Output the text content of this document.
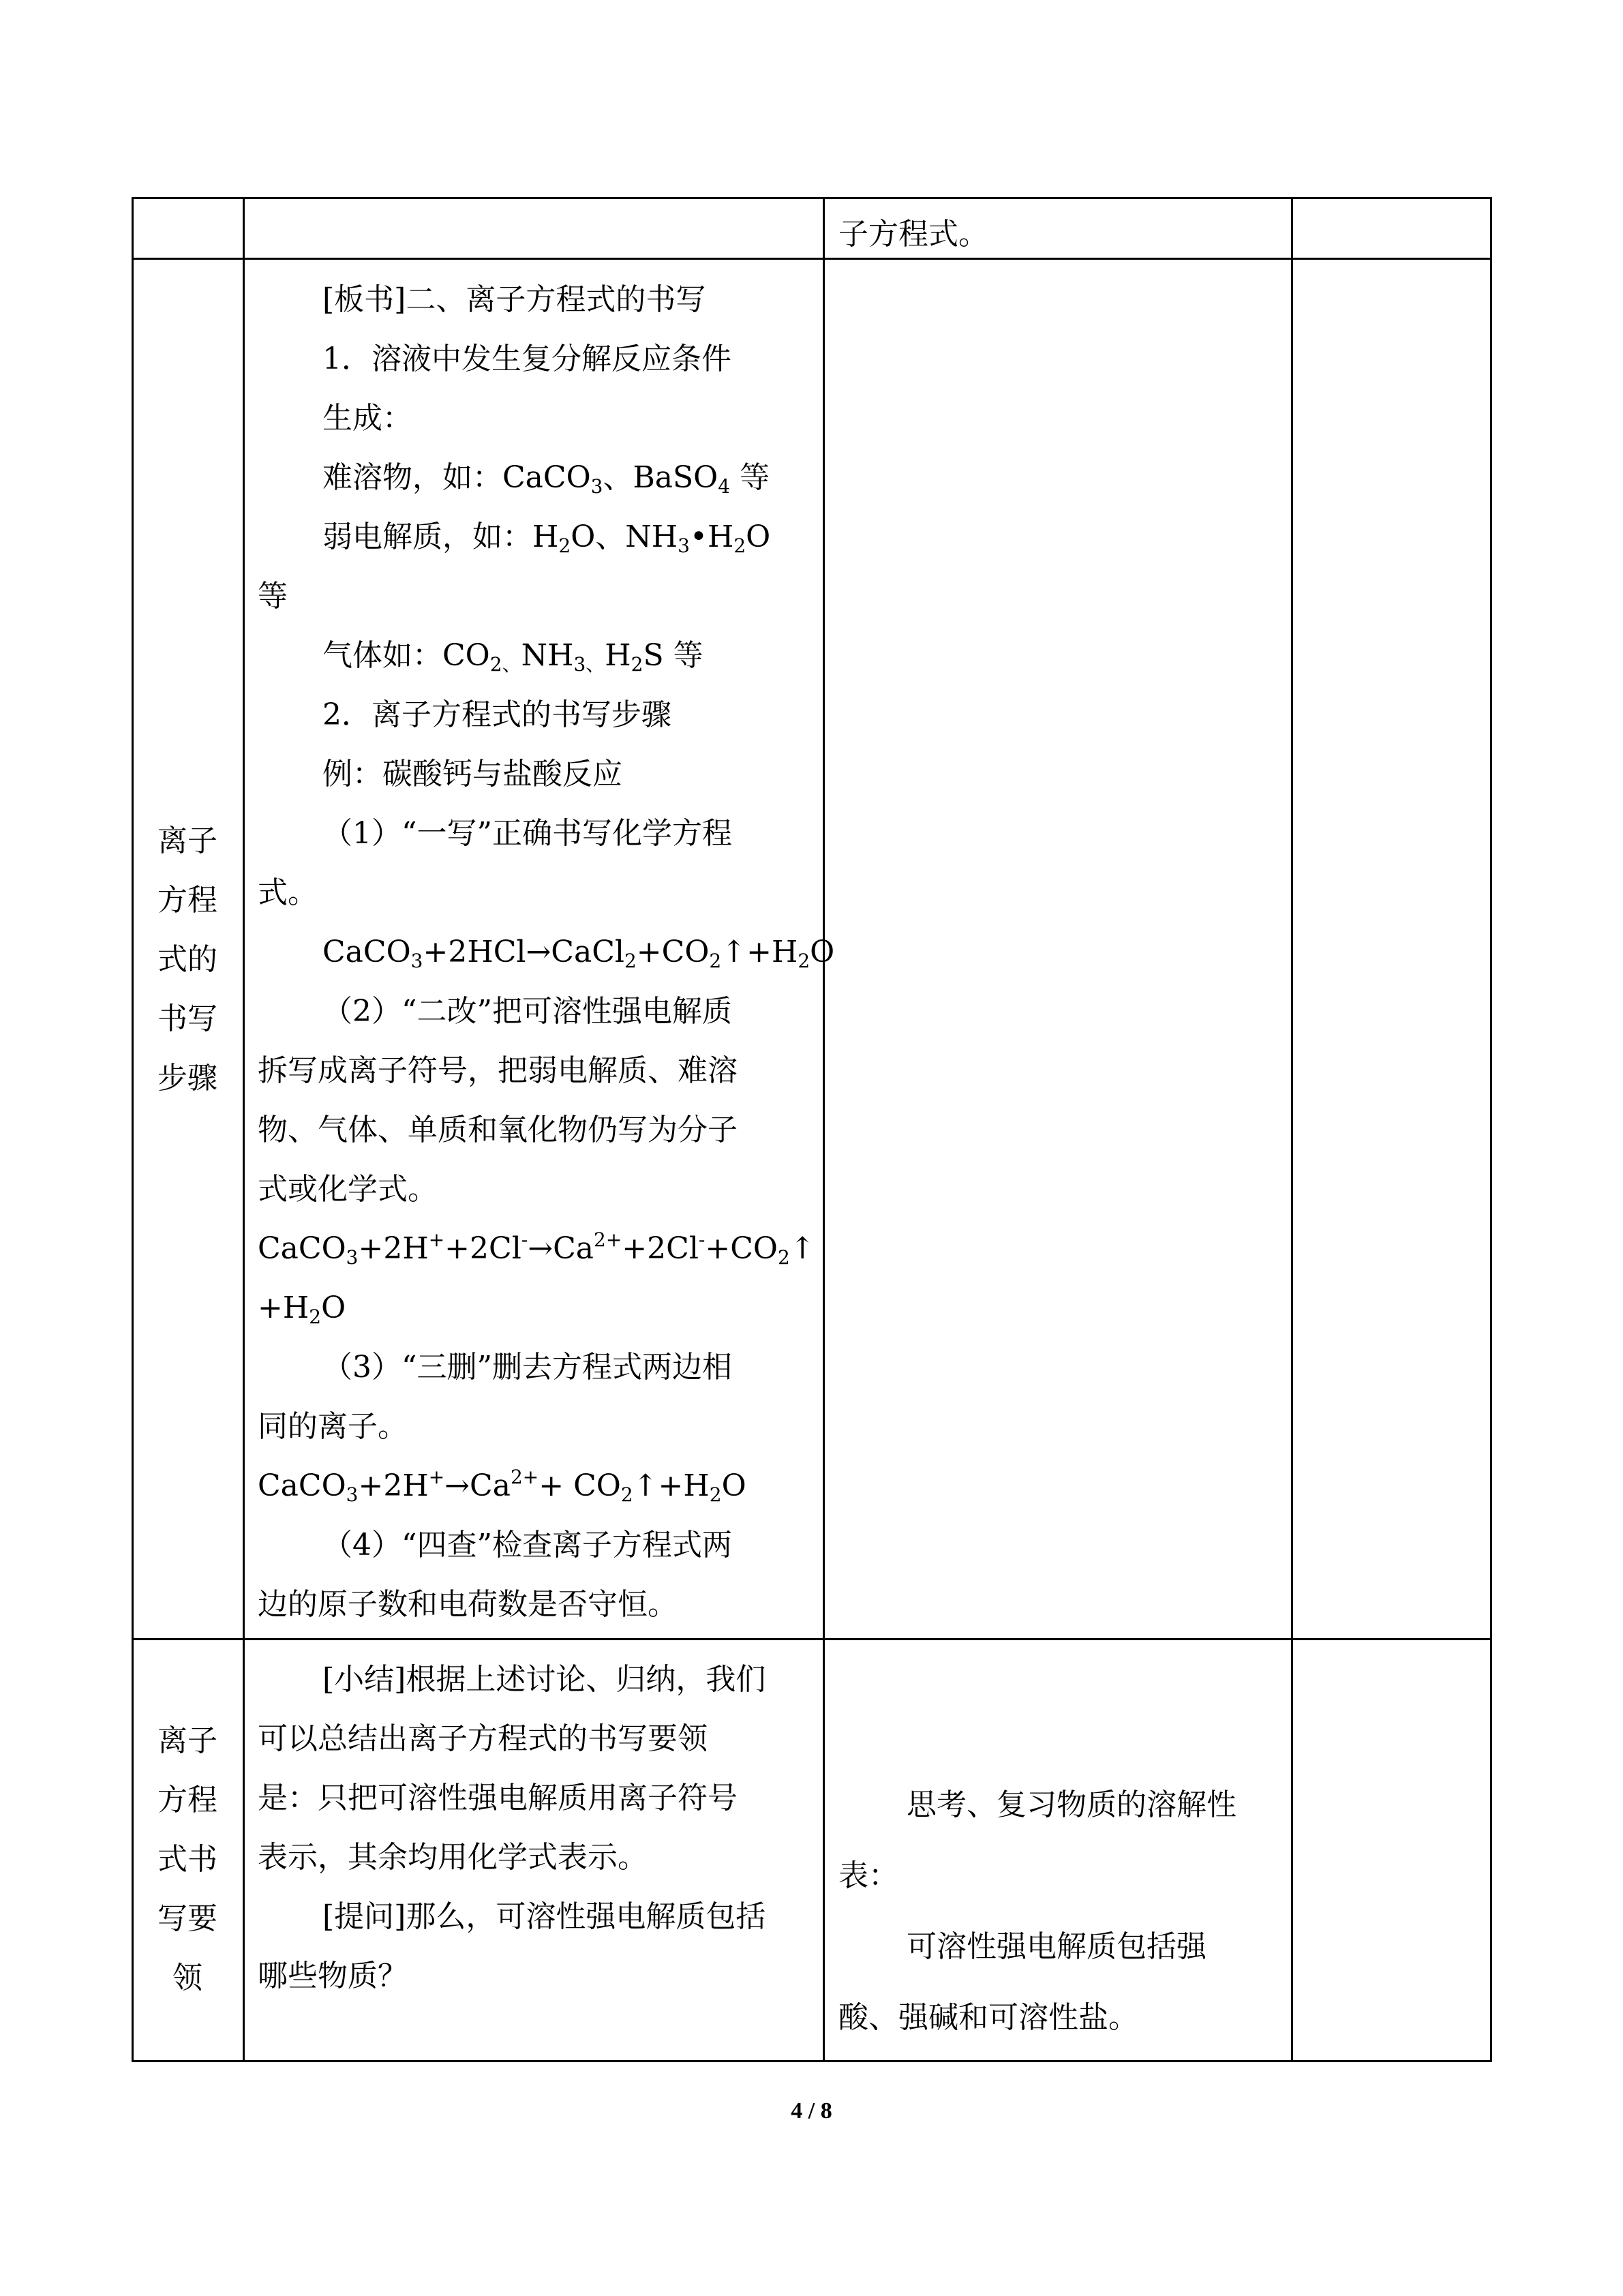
子方程式。

离子

方程

式的

书写

步骤

[板书]二、离子方程式的书写

1．溶液中发生复分解反应条件

生成：

难溶物，如：CaCO$_3$、BaSO$_4$ 等

弱电解质，如：$H_2O$、$NH_3•H_2O$

等

气体如：$CO_{2、}NH_{3、}H_2S$ 等

2．离子方程式的书写步骤

例：碳酸钙与盐酸反应

（1）“一写”正确书写化学方程

式。

$CaCO_3+2HCl\to CaCl_2+CO_2↑+H_2O$

（2）“二改”把可溶性强电解质

拆写成离子符号，把弱电解质、难溶

物、气体、单质和氧化物仍写为分子

式或化学式。

$CaCO_3+2H^++2Cl^-\to Ca^{2+}+2Cl^-+CO_2↑$

$+H_2O$

（3）“三删”删去方程式两边相

同的离子。

$CaCO_3+2H^+\to Ca^{2+}+$ $CO_2↑+H_2O$

（4）“四查”检查离子方程式两

边的原子数和电荷数是否守恒。

离子

方程

式书

写要

领

[小结]根据上述讨论、归纳，我们

可以总结出离子方程式的书写要领

是：只把可溶性强电解质用离子符号

表示，其余均用化学式表示。

[提问]那么，可溶性强电解质包括

哪些物质？

思考、复习物质的溶解性

表：

可溶性强电解质包括强

酸、强碱和可溶性盐。

4 / 8
